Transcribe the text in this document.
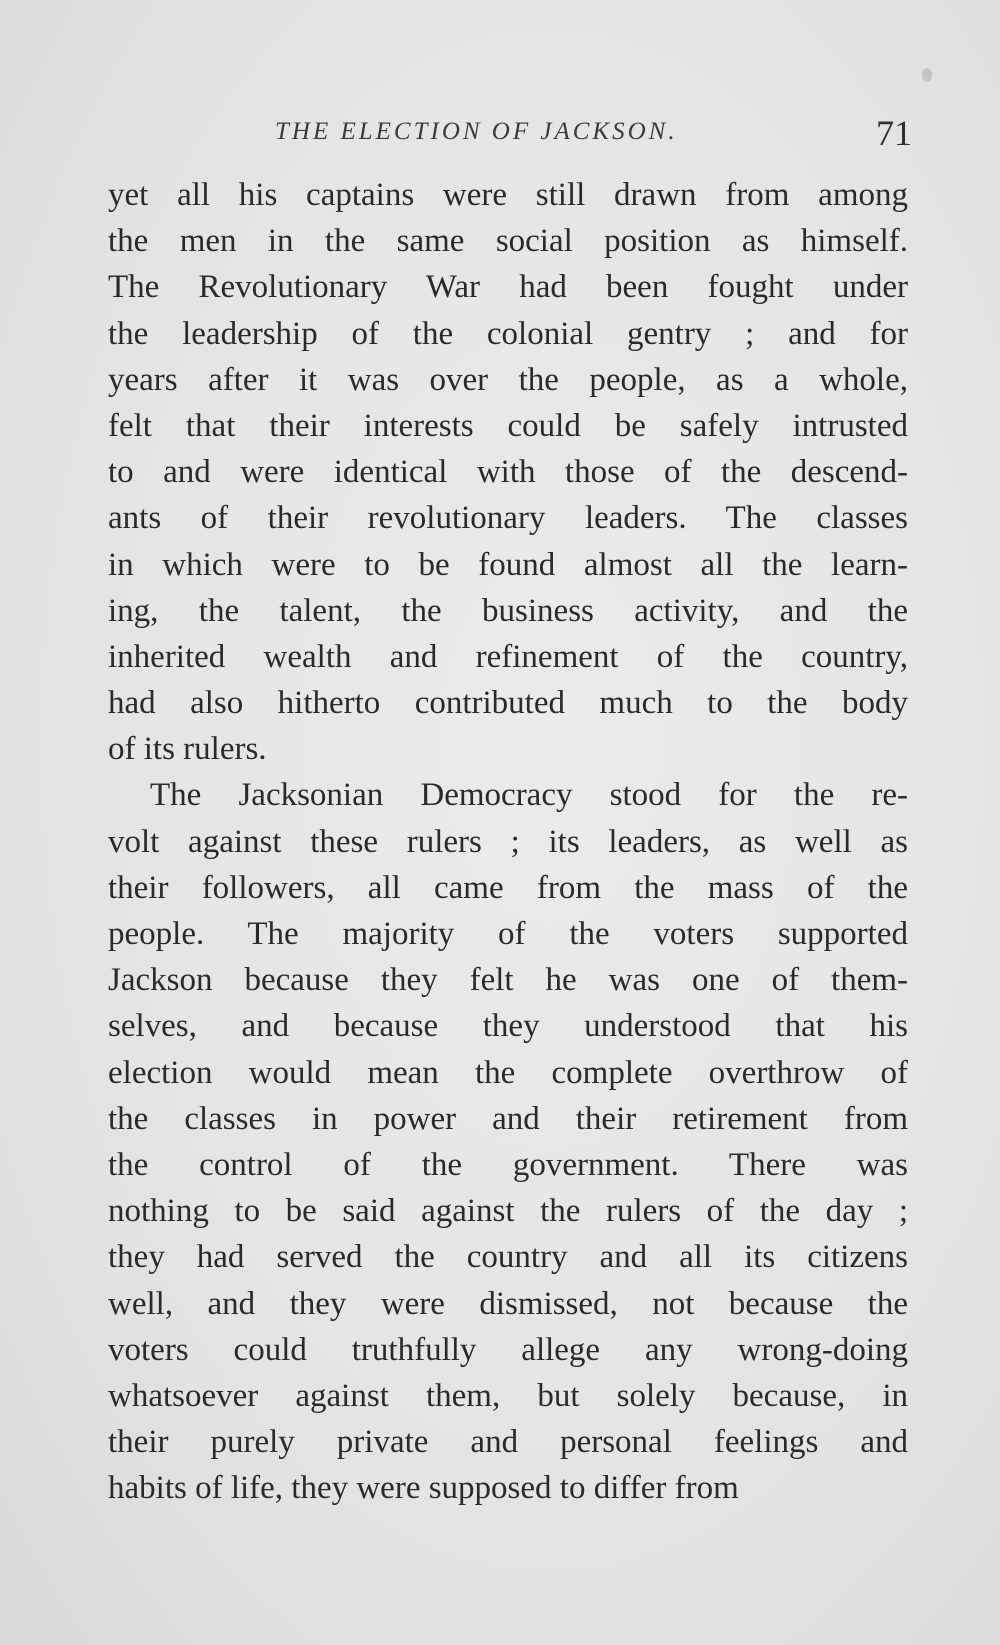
THE ELECTION OF JACKSON.	71
yet all his captains were still drawn from among
the men in the same social position as himself.
The Revolutionary War had been fought under
the leadership of the colonial gentry ; and for
years after it was over the people, as a whole,
felt that their interests could be safely intrusted
to and were identical with those of the descend-
ants of their revolutionary leaders. The classes
in which were to be found almost all the learn-
ing, the talent, the business activity, and the
inherited wealth and refinement of the country,
had also hitherto contributed much to the body
of its rulers.
The Jacksonian Democracy stood for the re-
volt against these rulers ; its leaders, as well as
their followers, all came from the mass of the
people. The majority of the voters supported
Jackson because they felt he was one of them-
selves, and because they understood that his
election would mean the complete overthrow of
the classes in power and their retirement from
the control of the government. There was
nothing to be said against the rulers of the day ;
they had served the country and all its citizens
well, and they were dismissed, not because the
voters could truthfully allege any wrong-doing
whatsoever against them, but solely because, in
their purely private and personal feelings and
habits of life, they were supposed to differ from
